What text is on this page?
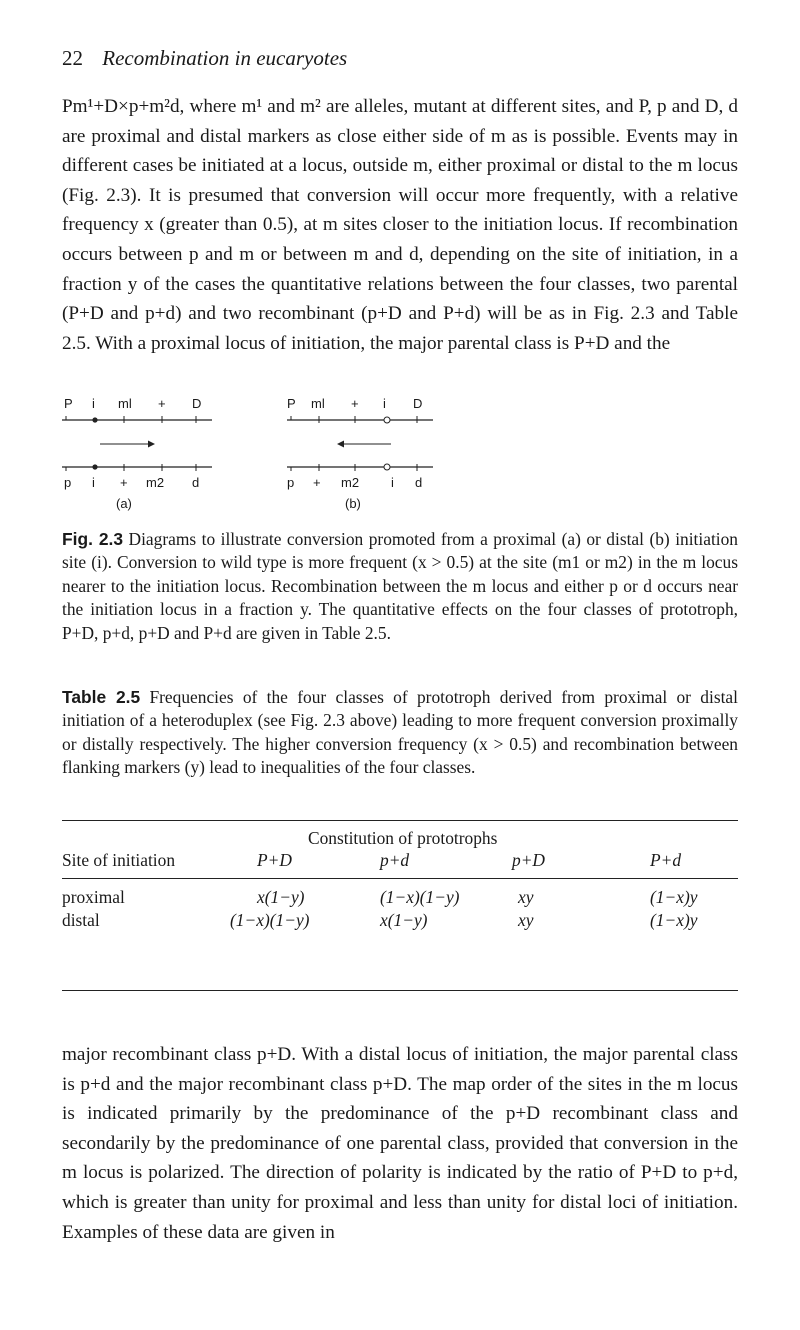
22 Recombination in eucaryotes

Pm¹+D×p+m²d, where m¹ and m² are alleles, mutant at different sites, and P, p and D, d are proximal and distal markers as close either side of m as is possible. Events may in different cases be initiated at a locus, outside m, either proximal or distal to the m locus (Fig. 2.3). It is presumed that conversion will occur more frequently, with a relative frequency x (greater than 0.5), at m sites closer to the initiation locus. If recombination occurs between p and m or between m and d, depending on the site of initiation, in a fraction y of the cases the quantitative relations between the four classes, two parental (P+D and p+d) and two recombinant (p+D and P+d) will be as in Fig. 2.3 and Table 2.5. With a proximal locus of initiation, the major parental class is P+D and the

P i ml + D
p i + m2 d
(a)
P ml + i D
p + m2 i d
(b)

Fig. 2.3 Diagrams to illustrate conversion promoted from a proximal (a) or distal (b) initiation site (i). Conversion to wild type is more frequent (x > 0.5) at the site (m1 or m2) in the m locus nearer to the initiation locus. Recombination between the m locus and either p or d occurs near the initiation locus in a fraction y. The quantitative effects on the four classes of prototroph, P+D, p+d, p+D and P+d are given in Table 2.5.

Table 2.5 Frequencies of the four classes of prototroph derived from proximal or distal initiation of a heteroduplex (see Fig. 2.3 above) leading to more frequent conversion proximally or distally respectively. The higher conversion frequency (x > 0.5) and recombination between flanking markers (y) lead to inequalities of the four classes.

Constitution of prototrophs
Site of initiation	P+D	p+d	p+D	P+d
proximal	x(1−y)	(1−x)(1−y)	xy	(1−x)y
distal	(1−x)(1−y)	x(1−y)	xy	(1−x)y

major recombinant class p+D. With a distal locus of initiation, the major parental class is p+d and the major recombinant class p+D. The map order of the sites in the m locus is indicated primarily by the predominance of the p+D recombinant class and secondarily by the predominance of one parental class, provided that conversion in the m locus is polarized. The direction of polarity is indicated by the ratio of P+D to p+d, which is greater than unity for proximal and less than unity for distal loci of initiation. Examples of these data are given in
